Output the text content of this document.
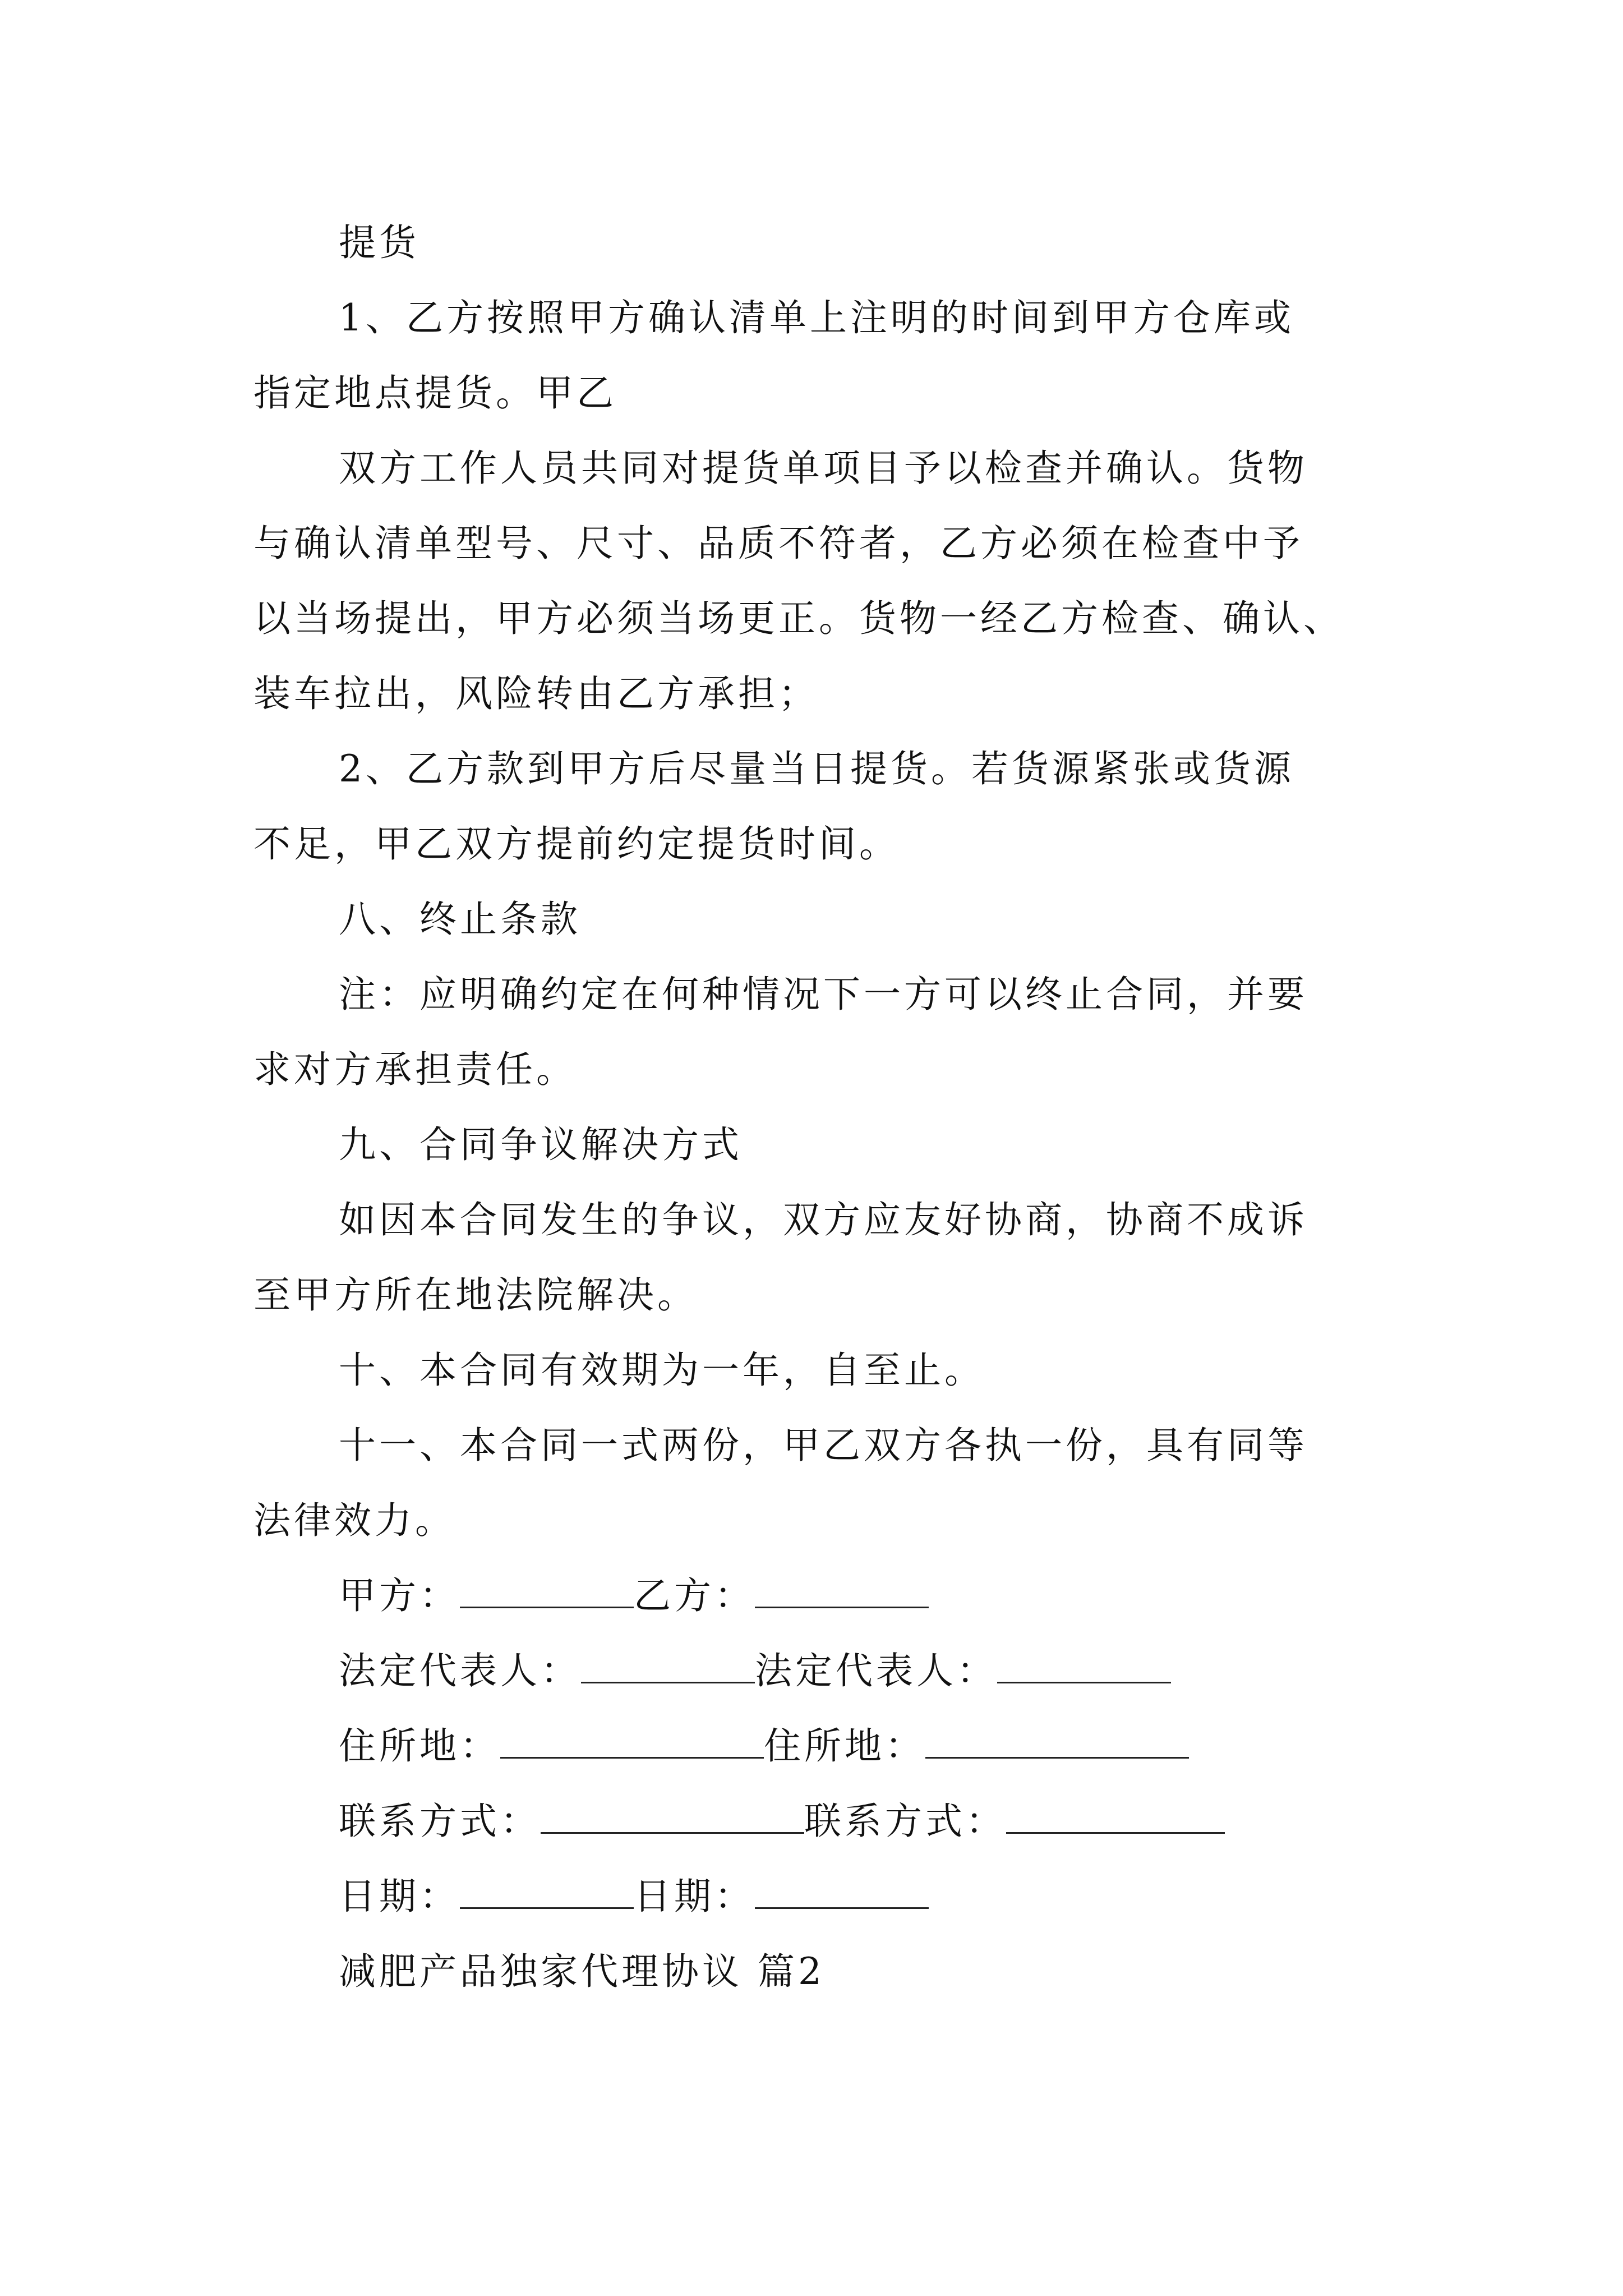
提货
1、乙方按照甲方确认清单上注明的时间到甲方仓库或
指定地点提货。甲乙
双方工作人员共同对提货单项目予以检查并确认。货物
与确认清单型号、尺寸、品质不符者，乙方必须在检查中予
以当场提出，甲方必须当场更正。货物一经乙方检查、确认、
装车拉出，风险转由乙方承担；
2、乙方款到甲方后尽量当日提货。若货源紧张或货源
不足，甲乙双方提前约定提货时间。
八、终止条款
注：应明确约定在何种情况下一方可以终止合同，并要
求对方承担责任。
九、合同争议解决方式
如因本合同发生的争议，双方应友好协商，协商不成诉
至甲方所在地法院解决。
十、本合同有效期为一年，自至止。
十一、本合同一式两份，甲乙双方各执一份，具有同等
法律效力。
甲方：	乙方：
法定代表人：	法定代表人：
住所地：	住所地：
联系方式：	联系方式：
日期：	日期：
减肥产品独家代理协议 篇2
